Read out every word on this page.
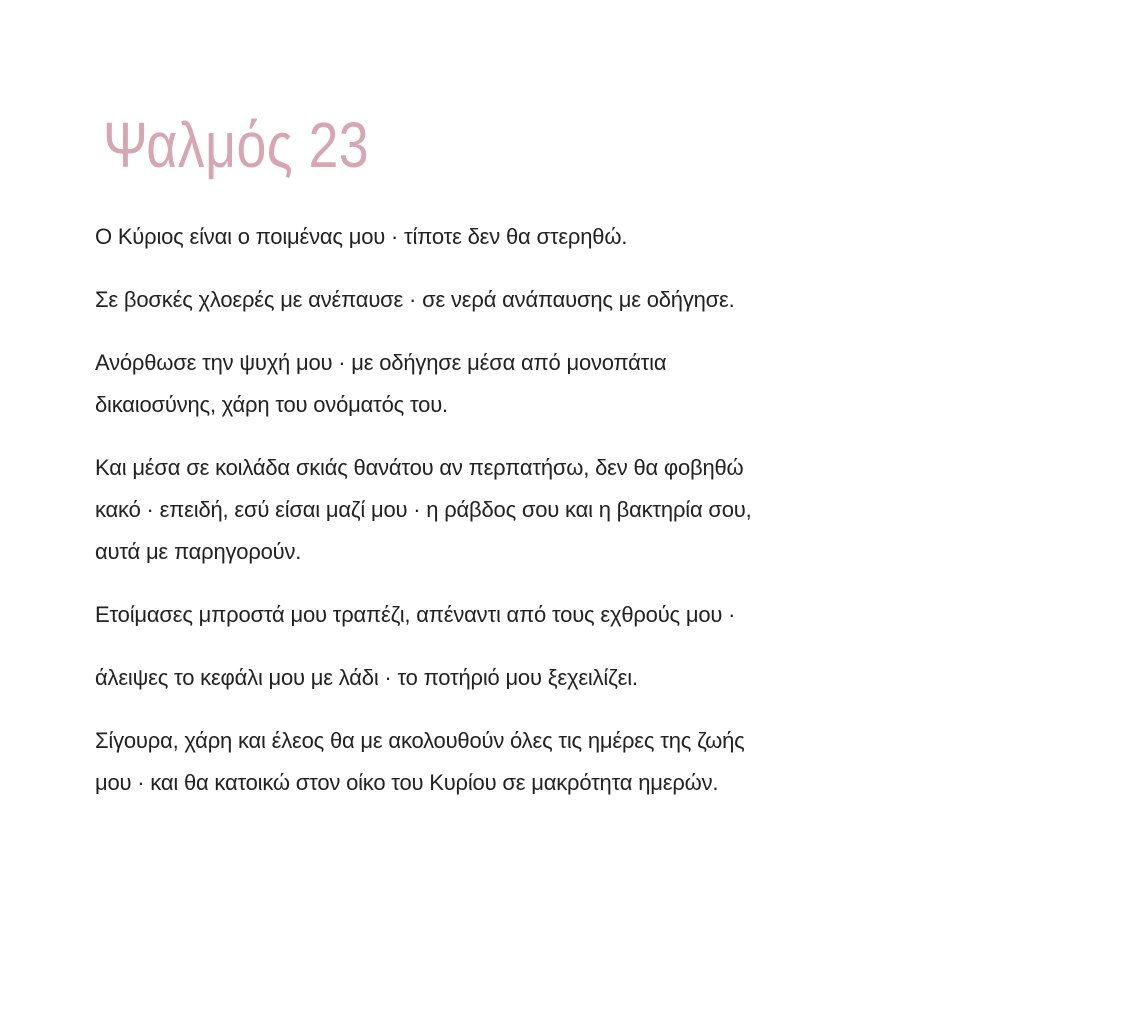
Ψαλμός 23

Ο Κύριος είναι ο ποιμένας μου · τίποτε δεν θα στερηθώ.

Σε βοσκές χλοερές με ανέπαυσε · σε νερά ανάπαυσης με οδήγησε.

Ανόρθωσε την ψυχή μου · με οδήγησε μέσα από μονοπάτια
δικαιοσύνης, χάρη του ονόματός του.

Και μέσα σε κοιλάδα σκιάς θανάτου αν περπατήσω, δεν θα φοβηθώ
κακό · επειδή, εσύ είσαι μαζί μου · η ράβδος σου και η βακτηρία σου,
αυτά με παρηγορούν.

Ετοίμασες μπροστά μου τραπέζι, απέναντι από τους εχθρούς μου ·

άλειψες το κεφάλι μου με λάδι · το ποτήριό μου ξεχειλίζει.

Σίγουρα, χάρη και έλεος θα με ακολουθούν όλες τις ημέρες της ζωής
μου · και θα κατοικώ στον οίκο του Κυρίου σε μακρότητα ημερών.
